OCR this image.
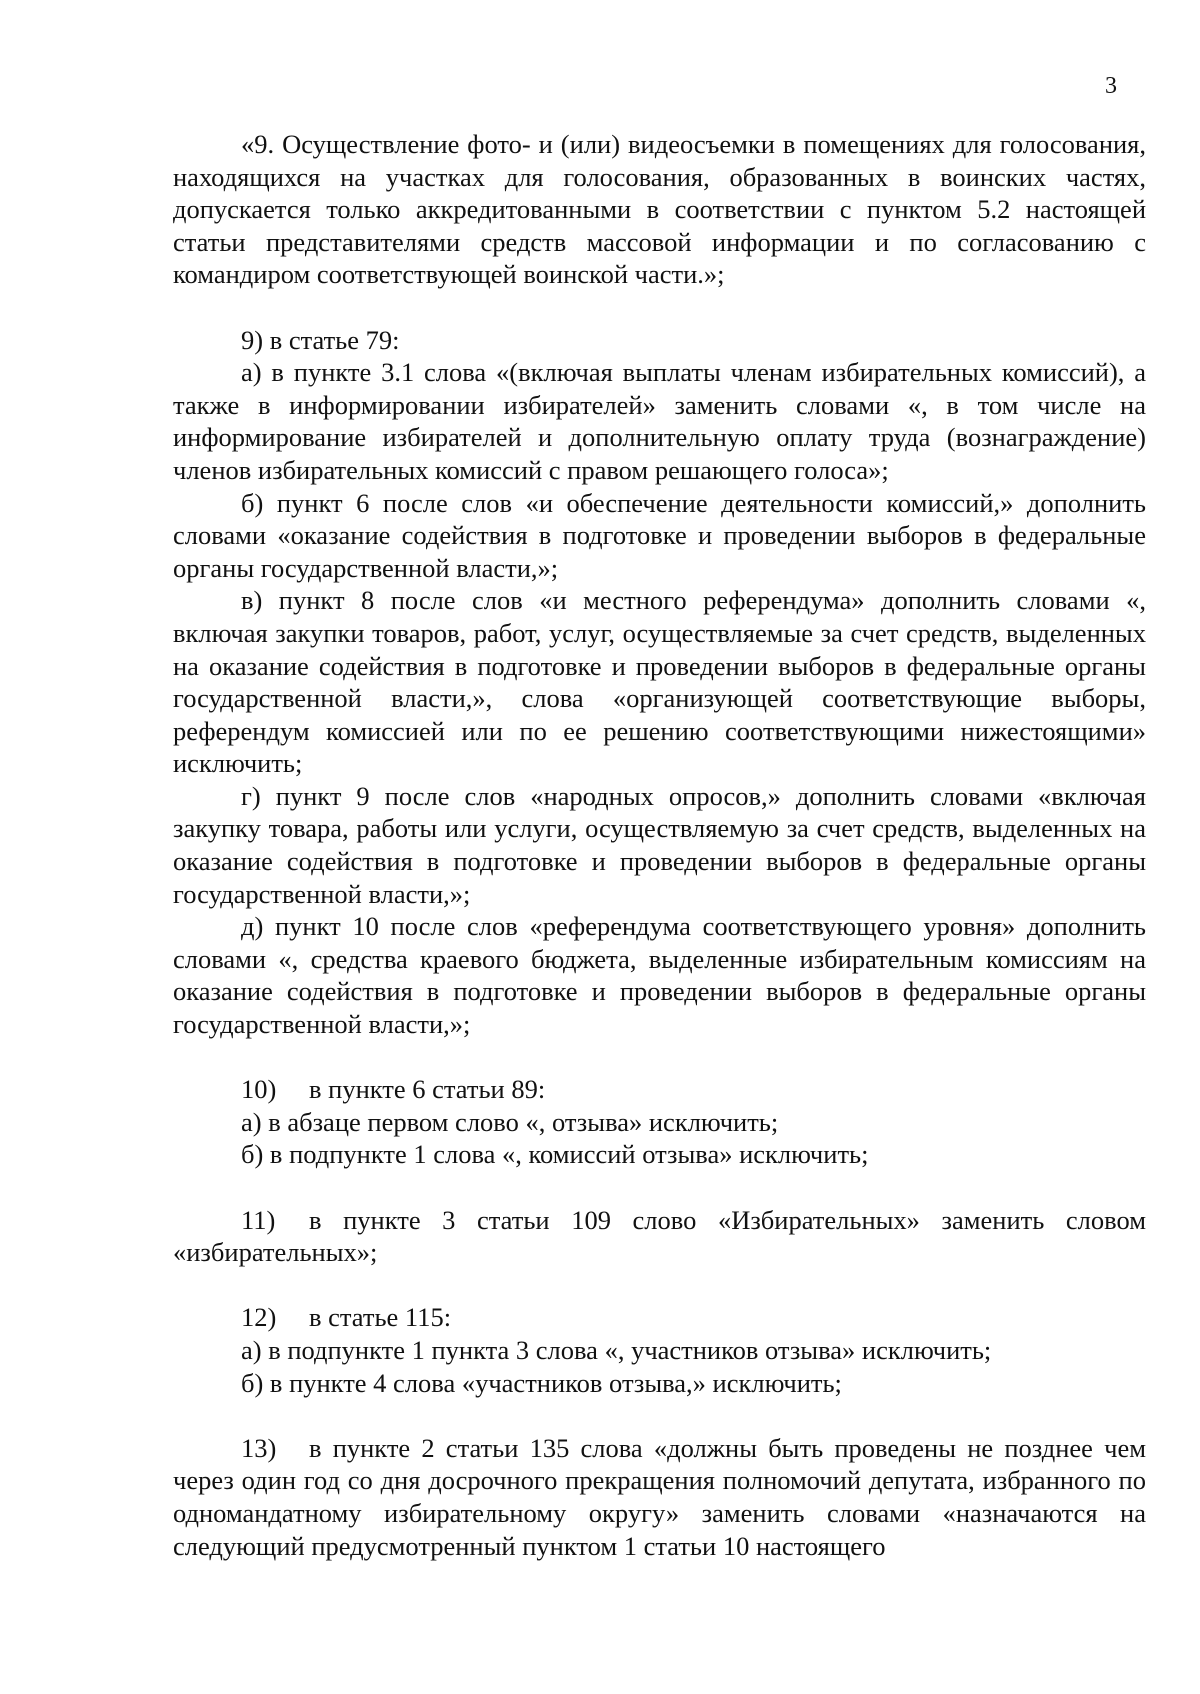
3

«9. Осуществление фото- и (или) видеосъемки в помещениях для голосования, находящихся на участках для голосования, образованных в воинских частях, допускается только аккредитованными в соответствии с пунктом 5.2 настоящей статьи представителями средств массовой информации и по согласованию с командиром соответствующей воинской части.»;

9) в статье 79:

а) в пункте 3.1 слова «(включая выплаты членам избирательных комиссий), а также в информировании избирателей» заменить словами «, в том числе на информирование избирателей и дополнительную оплату труда (вознаграждение) членов избирательных комиссий с правом решающего голоса»;

б) пункт 6 после слов «и обеспечение деятельности комиссий,» дополнить словами «оказание содействия в подготовке и проведении выборов в федеральные органы государственной власти,»;

в) пункт 8 после слов «и местного референдума» дополнить словами «, включая закупки товаров, работ, услуг, осуществляемые за счет средств, выделенных на оказание содействия в подготовке и проведении выборов в федеральные органы государственной власти,», слова «организующей соответствующие выборы, референдум комиссией или по ее решению соответствующими нижестоящими» исключить;

г) пункт 9 после слов «народных опросов,» дополнить словами «включая закупку товара, работы или услуги, осуществляемую за счет средств, выделенных на оказание содействия в подготовке и проведении выборов в федеральные органы государственной власти,»;

д) пункт 10 после слов «референдума соответствующего уровня» дополнить словами «, средства краевого бюджета, выделенные избирательным комиссиям на оказание содействия в подготовке и проведении выборов в федеральные органы государственной власти,»;

10) в пункте 6 статьи 89:

а) в абзаце первом слово «, отзыва» исключить;

б) в подпункте 1 слова «, комиссий отзыва» исключить;

11) в пункте 3 статьи 109 слово «Избирательных» заменить словом «избирательных»;

12) в статье 115:

а) в подпункте 1 пункта 3 слова «, участников отзыва» исключить;

б) в пункте 4 слова «участников отзыва,» исключить;

13) в пункте 2 статьи 135 слова «должны быть проведены не позднее чем через один год со дня досрочного прекращения полномочий депутата, избранного по одномандатному избирательному округу» заменить словами «назначаются на следующий предусмотренный пунктом 1 статьи 10 настоящего
